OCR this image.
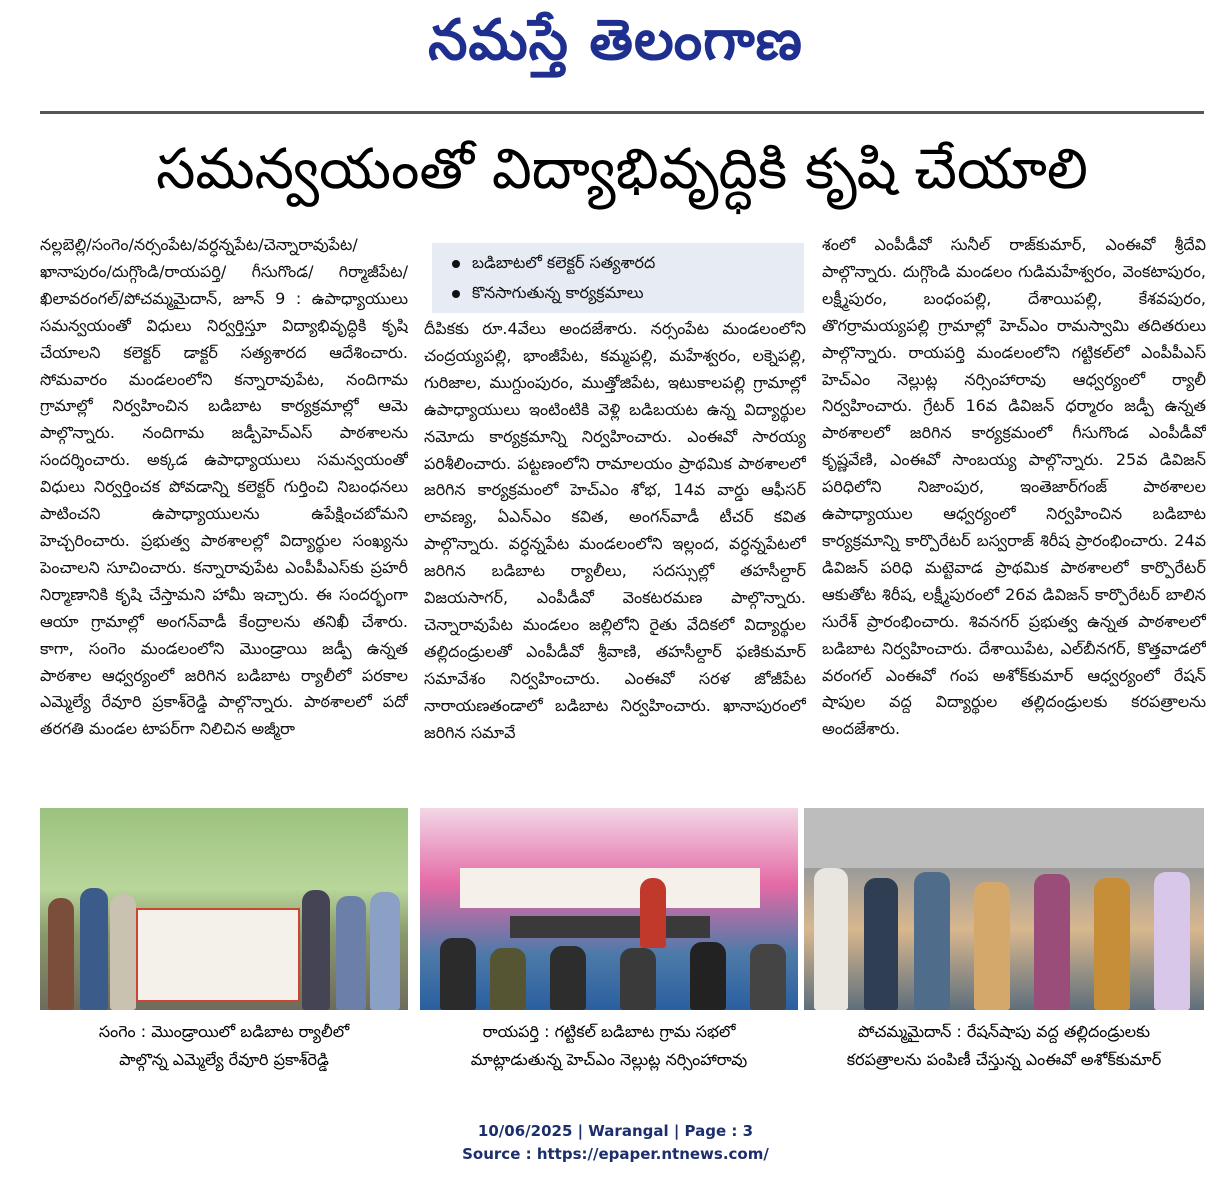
నమస్తే తెలంగాణ
సమన్వయంతో విద్యాభివృద్ధికి కృషి చేయాలి

నల్లబెల్లి/సంగెం/నర్సంపేట/వర్ధన్నపేట/చెన్నారావుపేట/ఖానాపురం/దుగ్గొండి/రాయపర్తి/ గీసుగొండ/ గిర్మాజీపేట/ఖిలావరంగల్/పోచమ్మమైదాన్, జూన్ 9 : ఉపాధ్యాయులు సమన్వయంతో విధులు నిర్వర్తిస్తూ విద్యాభివృద్ధికి కృషి చేయాలని కలెక్టర్ డాక్టర్ సత్యశారద ఆదేశించారు. సోమవారం మండలంలోని కన్నారావుపేట, నందిగామ గ్రామాల్లో నిర్వహించిన బడిబాట కార్యక్రమాల్లో ఆమె పాల్గొన్నారు. నందిగామ జడ్పీహెచ్ఎస్ పాఠశాలను సందర్శించారు. అక్కడ ఉపాధ్యాయులు సమన్వయంతో విధులు నిర్వర్తించక పోవడాన్ని కలెక్టర్ గుర్తించి నిబంధనలు పాటించని ఉపాధ్యాయులను ఉపేక్షించబోమని హెచ్చరించారు. ప్రభుత్వ పాఠశాలల్లో విద్యార్థుల సంఖ్యను పెంచాలని సూచించారు. కన్నారావుపేట ఎంపీపీఎస్‌కు ప్రహరీ నిర్మాణానికి కృషి చేస్తామని హామీ ఇచ్చారు. ఈ సందర్భంగా ఆయా గ్రామాల్లో అంగన్‌వాడీ కేంద్రాలను తనిఖీ చేశారు. కాగా, సంగెం మండలంలోని మొండ్రాయి జడ్పీ ఉన్నత పాఠశాల ఆధ్వర్యంలో జరిగిన బడిబాట ర్యాలీలో పరకాల ఎమ్మెల్యే రేవూరి ప్రకాశ్‌రెడ్డి పాల్గొన్నారు. పాఠశాలలో పదో తరగతి మండల టాపర్‌గా నిలిచిన అజ్మీరా

బడిబాటలో కలెక్టర్ సత్యశారద
కొనసాగుతున్న కార్యక్రమాలు

దీపికకు రూ.4వేలు అందజేశారు. నర్సంపేట మండలంలోని చంద్రయ్యపల్లి, భాంజీపేట, కమ్మపల్లి, మహేశ్వరం, లక్నెపల్లి, గురిజాల, ముగ్దుంపురం, ముత్తోజిపేట, ఇటుకాలపల్లి గ్రామాల్లో ఉపాధ్యాయులు ఇంటింటికి వెళ్లి బడిబయట ఉన్న విద్యార్థుల నమోదు కార్యక్రమాన్ని నిర్వహించారు. ఎంఈవో సారయ్య పరిశీలించారు. పట్టణంలోని రామాలయం ప్రాథమిక పాఠశాలలో జరిగిన కార్యక్రమంలో హెచ్ఎం శోభ, 14వ వార్డు ఆఫీసర్ లావణ్య, ఏఎన్ఎం కవిత, అంగన్‌వాడీ టీచర్ కవిత పాల్గొన్నారు. వర్ధన్నపేట మండలంలోని ఇల్లంద, వర్ధన్నపేటలో జరిగిన బడిబాట ర్యాలీలు, సదస్సుల్లో తహసీల్దార్ విజయసాగర్, ఎంపీడీవో వెంకటరమణ పాల్గొన్నారు. చెన్నారావుపేట మండలం జల్లిలోని రైతు వేదికలో విద్యార్థుల తల్లిదండ్రులతో ఎంపీడీవో శ్రీవాణి, తహసీల్దార్ ఫణికుమార్ సమావేశం నిర్వహించారు. ఎంఈవో సరళ జోజీపేట నారాయణతండాలో బడిబాట నిర్వహించారు. ఖానాపురంలో జరిగిన సమావే

శంలో ఎంపీడీవో సునీల్ రాజ్‌కుమార్, ఎంఈవో శ్రీదేవి పాల్గొన్నారు. దుగ్గొండి మండలం గుడిమహేశ్వరం, వెంకటాపురం, లక్ష్మీపురం, బంధంపల్లి, దేశాయిపల్లి, కేశవపురం, తొగర్రామయ్యపల్లి గ్రామాల్లో హెచ్ఎం రామస్వామి తదితరులు పాల్గొన్నారు. రాయపర్తి మండలంలోని గట్టికల్‌లో ఎంపీపీఎస్ హెచ్ఎం నెల్లుట్ల నర్సింహారావు ఆధ్వర్యంలో ర్యాలీ నిర్వహించారు. గ్రేటర్ 16వ డివిజన్ ధర్మారం జడ్పీ ఉన్నత పాఠశాలలో జరిగిన కార్యక్రమంలో గీసుగొండ ఎంపీడీవో కృష్ణవేణి, ఎంఈవో సాంబయ్య పాల్గొన్నారు. 25వ డివిజన్ పరిధిలోని నిజాంపుర, ఇంతెజార్‌గంజ్ పాఠశాలల ఉపాధ్యాయుల ఆధ్వర్యంలో నిర్వహించిన బడిబాట కార్యక్రమాన్ని కార్పొరేటర్ బస్వరాజ్ శిరీష ప్రారంభించారు. 24వ డివిజన్ పరిధి మట్టెవాడ ప్రాథమిక పాఠశాలలో కార్పొరేటర్ ఆకుతోట శిరీష, లక్ష్మీపురంలో 26వ డివిజన్ కార్పొరేటర్ బాలిన సురేశ్ ప్రారంభించారు. శివనగర్ ప్రభుత్వ ఉన్నత పాఠశాలలో బడిబాట నిర్వహించారు. దేశాయిపేట, ఎల్‌బీనగర్, కొత్తవాడలో వరంగల్ ఎంఈవో గంప అశోక్‌కుమార్ ఆధ్వర్యంలో రేషన్ షాపుల వద్ద విద్యార్థుల తల్లిదండ్రులకు కరపత్రాలను అందజేశారు.

సంగెం : మొండ్రాయిలో బడిబాట ర్యాలీలో
పాల్గొన్న ఎమ్మెల్యే రేవూరి ప్రకాశ్‌రెడ్డి
రాయపర్తి : గట్టికల్ బడిబాట గ్రామ సభలో
మాట్లాడుతున్న హెచ్ఎం నెల్లుట్ల నర్సింహారావు
పోచమ్మమైదాన్ : రేషన్‌షాపు వద్ద తల్లిదండ్రులకు
కరపత్రాలను పంపిణీ చేస్తున్న ఎంఈవో అశోక్‌కుమార్
10/06/2025 | Warangal | Page : 3
Source : https://epaper.ntnews.com/
